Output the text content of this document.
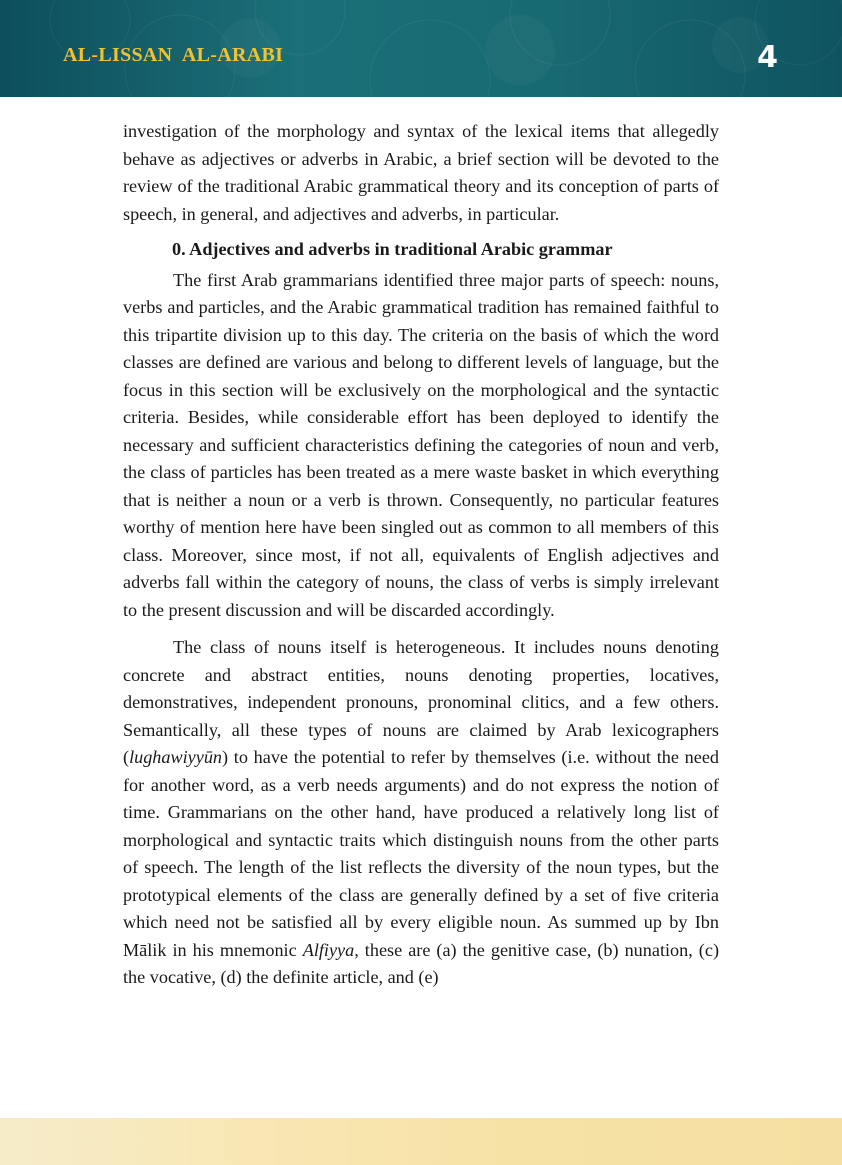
AL-LISSAN  AL-ARABI	4

investigation of the morphology and syntax of the lexical items that allegedly behave as adjectives or adverbs in Arabic, a brief section will be devoted to the review of the traditional Arabic grammatical theory and its conception of parts of speech, in general, and adjectives and adverbs, in particular.

0. Adjectives and adverbs in traditional Arabic grammar

The first Arab grammarians identified three major parts of speech: nouns, verbs and particles, and the Arabic grammatical tradition has remained faithful to this tripartite division up to this day. The criteria on the basis of which the word classes are defined are various and belong to different levels of language, but the focus in this section will be exclusively on the morphological and the syntactic criteria. Besides, while considerable effort has been deployed to identify the necessary and sufficient characteristics defining the categories of noun and verb, the class of particles has been treated as a mere waste basket in which everything that is neither a noun or a verb is thrown. Consequently, no particular features worthy of mention here have been singled out as common to all members of this class. Moreover, since most, if not all, equivalents of English adjectives and adverbs fall within the category of nouns, the class of verbs is simply irrelevant to the present discussion and will be discarded accordingly.

The class of nouns itself is heterogeneous. It includes nouns denoting concrete and abstract entities, nouns denoting properties, locatives, demonstratives, independent pronouns, pronominal clitics, and a few others. Semantically, all these types of nouns are claimed by Arab lexicographers (lughawiyyūn) to have the potential to refer by themselves (i.e. without the need for another word, as a verb needs arguments) and do not express the notion of time. Grammarians on the other hand, have produced a relatively long list of morphological and syntactic traits which distinguish nouns from the other parts of speech. The length of the list reflects the diversity of the noun types, but the prototypical elements of the class are generally defined by a set of five criteria which need not be satisfied all by every eligible noun. As summed up by Ibn Mālik in his mnemonic Alfiyya, these are (a) the genitive case, (b) nunation, (c) the vocative, (d) the definite article, and (e)
